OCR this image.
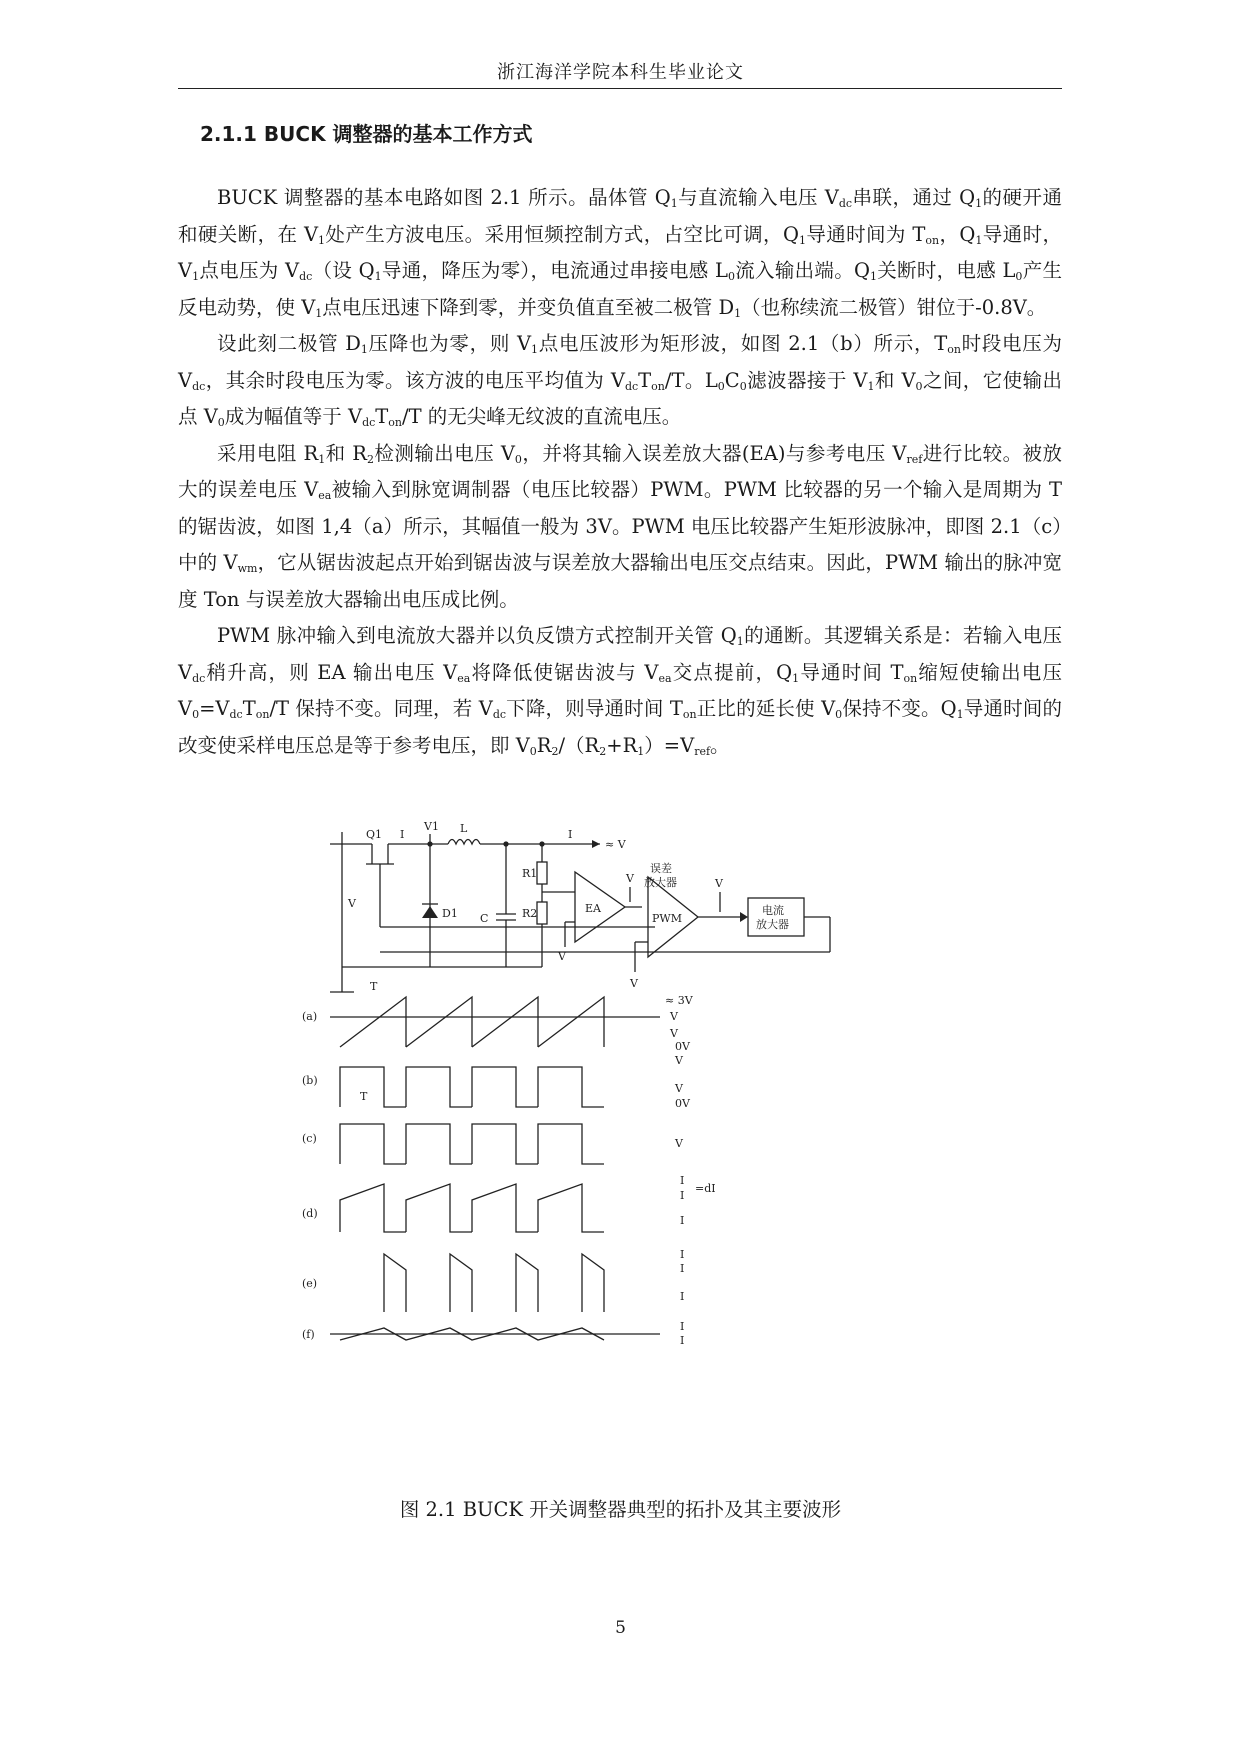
浙江海洋学院本科生毕业论文
2.1.1 BUCK 调整器的基本工作方式

BUCK 调整器的基本电路如图 2.1 所示。晶体管 $Q_1$与直流输入电压 $V_{dc}$串联，通过 $Q_1$的硬开通和硬关断，在 $V_1$处产生方波电压。采用恒频控制方式，占空比可调，$Q_1$导通时间为 $T_{on}$，$Q_1$导通时，$V_1$点电压为 $V_{dc}$（设 $Q_1$导通，降压为零），电流通过串接电感 $L_0$流入输出端。$Q_1$关断时，电感 $L_0$产生反电动势，使 $V_1$点电压迅速下降到零，并变负值直至被二极管 $D_1$（也称续流二极管）钳位于-0.8V。

设此刻二极管 $D_1$压降也为零，则 $V_1$点电压波形为矩形波，如图 2.1（b）所示，$T_{on}$时段电压为 $V_{dc}$，其余时段电压为零。该方波的电压平均值为 $V_{dc}T_{on}/T$。$L_0C_0$滤波器接于 $V_1$和 $V_0$之间，它使输出点 $V_0$成为幅值等于 $V_{dc}T_{on}/T$ 的无尖峰无纹波的直流电压。

采用电阻 $R_1$和 $R_2$检测输出电压 $V_0$，并将其输入误差放大器(EA)与参考电压 $V_{ref}$进行比较。被放大的误差电压 $V_{ea}$被输入到脉宽调制器（电压比较器）PWM。PWM 比较器的另一个输入是周期为 T 的锯齿波，如图 1,4（a）所示，其幅值一般为 3V。PWM 电压比较器产生矩形波脉冲，即图 2.1（c）中的 $V_{wm}$，它从锯齿波起点开始到锯齿波与误差放大器输出电压交点结束。因此，PWM 输出的脉冲宽度 Ton 与误差放大器输出电压成比例。

PWM 脉冲输入到电流放大器并以负反馈方式控制开关管 $Q_1$的通断。其逻辑关系是：若输入电压 $V_{dc}$稍升高，则 EA 输出电压 $V_{ea}$将降低使锯齿波与 $V_{ea}$交点提前，$Q_1$导通时间 $T_{on}$缩短使输出电压 $V_0=V_{dc}T_{on}/T$ 保持不变。同理，若 $V_{dc}$下降，则导通时间 $T_{on}$正比的延长使 $V_0$保持不变。$Q_1$导通时间的改变使采样电压总是等于参考电压，即 $V_0R_2/(R_2+R_1)=V_{ref}$。

Q1 I
V1 L	I
≈ V
V
D1 C
R1
R2	EA
V
误差
放大器	V
PWM
电流
放大器
V
V
(a)
T
≈ 3V
V
V
0V
(b)
T
V
V
0V
(c)	V
(d)
I
I
=dI
I
(e)
I
I
I
(f)
I
I
(a)
图 2.1 BUCK 开关调整器典型的拓扑及其主要波形
5
